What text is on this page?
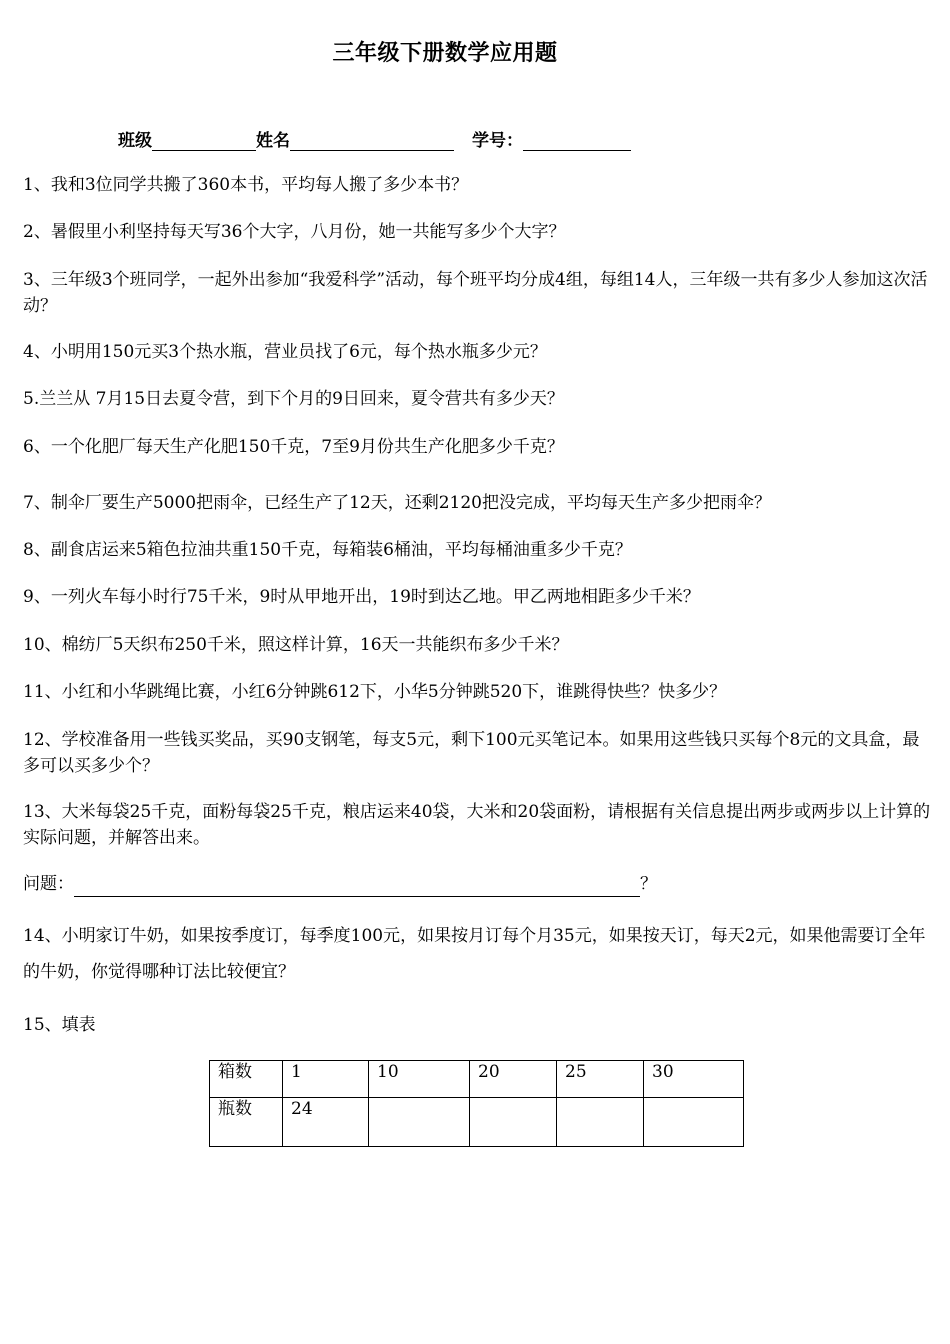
三年级下册数学应用题
班级	姓名	学号：
1、我和3位同学共搬了360本书，平均每人搬了多少本书？
2、暑假里小利坚持每天写36个大字，八月份，她一共能写多少个大字？
3、三年级3个班同学，一起外出参加“我爱科学”活动，每个班平均分成4组，每组14人，三年级一共有多少人参加这次活动？
4、小明用150元买3个热水瓶，营业员找了6元，每个热水瓶多少元？
5.兰兰从 7月15日去夏令营，到下个月的9日回来，夏令营共有多少天？
6、一个化肥厂每天生产化肥150千克，7至9月份共生产化肥多少千克？
7、制伞厂要生产5000把雨伞，已经生产了12天，还剩2120把没完成，平均每天生产多少把雨伞？
8、副食店运来5箱色拉油共重150千克，每箱装6桶油，平均每桶油重多少千克？
9、一列火车每小时行75千米，9时从甲地开出，19时到达乙地。甲乙两地相距多少千米？
10、棉纺厂5天织布250千米，照这样计算，16天一共能织布多少千米？
11、小红和小华跳绳比赛，小红6分钟跳612下，小华5分钟跳520下，谁跳得快些？快多少？
12、学校准备用一些钱买奖品，买90支钢笔，每支5元，剩下100元买笔记本。如果用这些钱只买每个8元的文具盒，最多可以买多少个？
13、大米每袋25千克，面粉每袋25千克，粮店运来40袋，大米和20袋面粉，请根据有关信息提出两步或两步以上计算的实际问题，并解答出来。
问题：	？
14、小明家订牛奶，如果按季度订，每季度100元，如果按月订每个月35元，如果按天订，每天2元，如果他需要订全年的牛奶，你觉得哪种订法比较便宜？
15、填表
箱数	1	10	20	25	30
瓶数	24				
